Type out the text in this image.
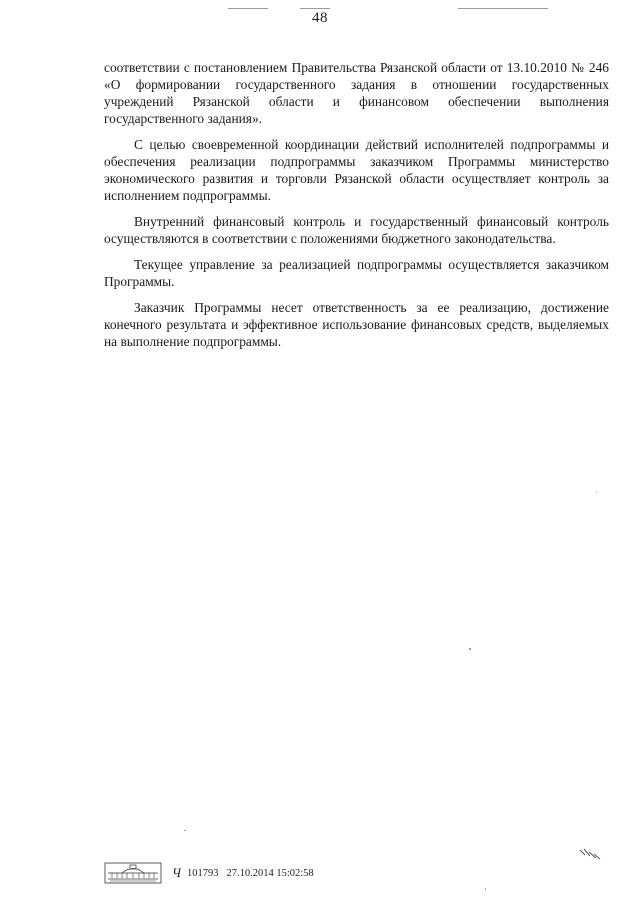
48

соответствии с постановлением Правительства Рязанской области от 13.10.2010 № 246 «О формировании государственного задания в отношении государственных учреждений Рязанской области и финансовом обеспечении выполнения государственного задания».

С целью своевременной координации действий исполнителей подпрограммы и обеспечения реализации подпрограммы заказчиком Программы министерство экономического развития и торговли Рязанской области осуществляет контроль за исполнением подпрограммы.

Внутренний финансовый контроль и государственный финансовый контроль осуществляются в соответствии с положениями бюджетного законодательства.

Текущее управление за реализацией подпрограммы осуществляется заказчиком Программы.

Заказчик Программы несет ответственность за ее реализацию, достижение конечного результата и эффективное использование финансовых средств, выделяемых на выполнение подпрограммы.

Ч 101793 27.10.2014 15:02:58
